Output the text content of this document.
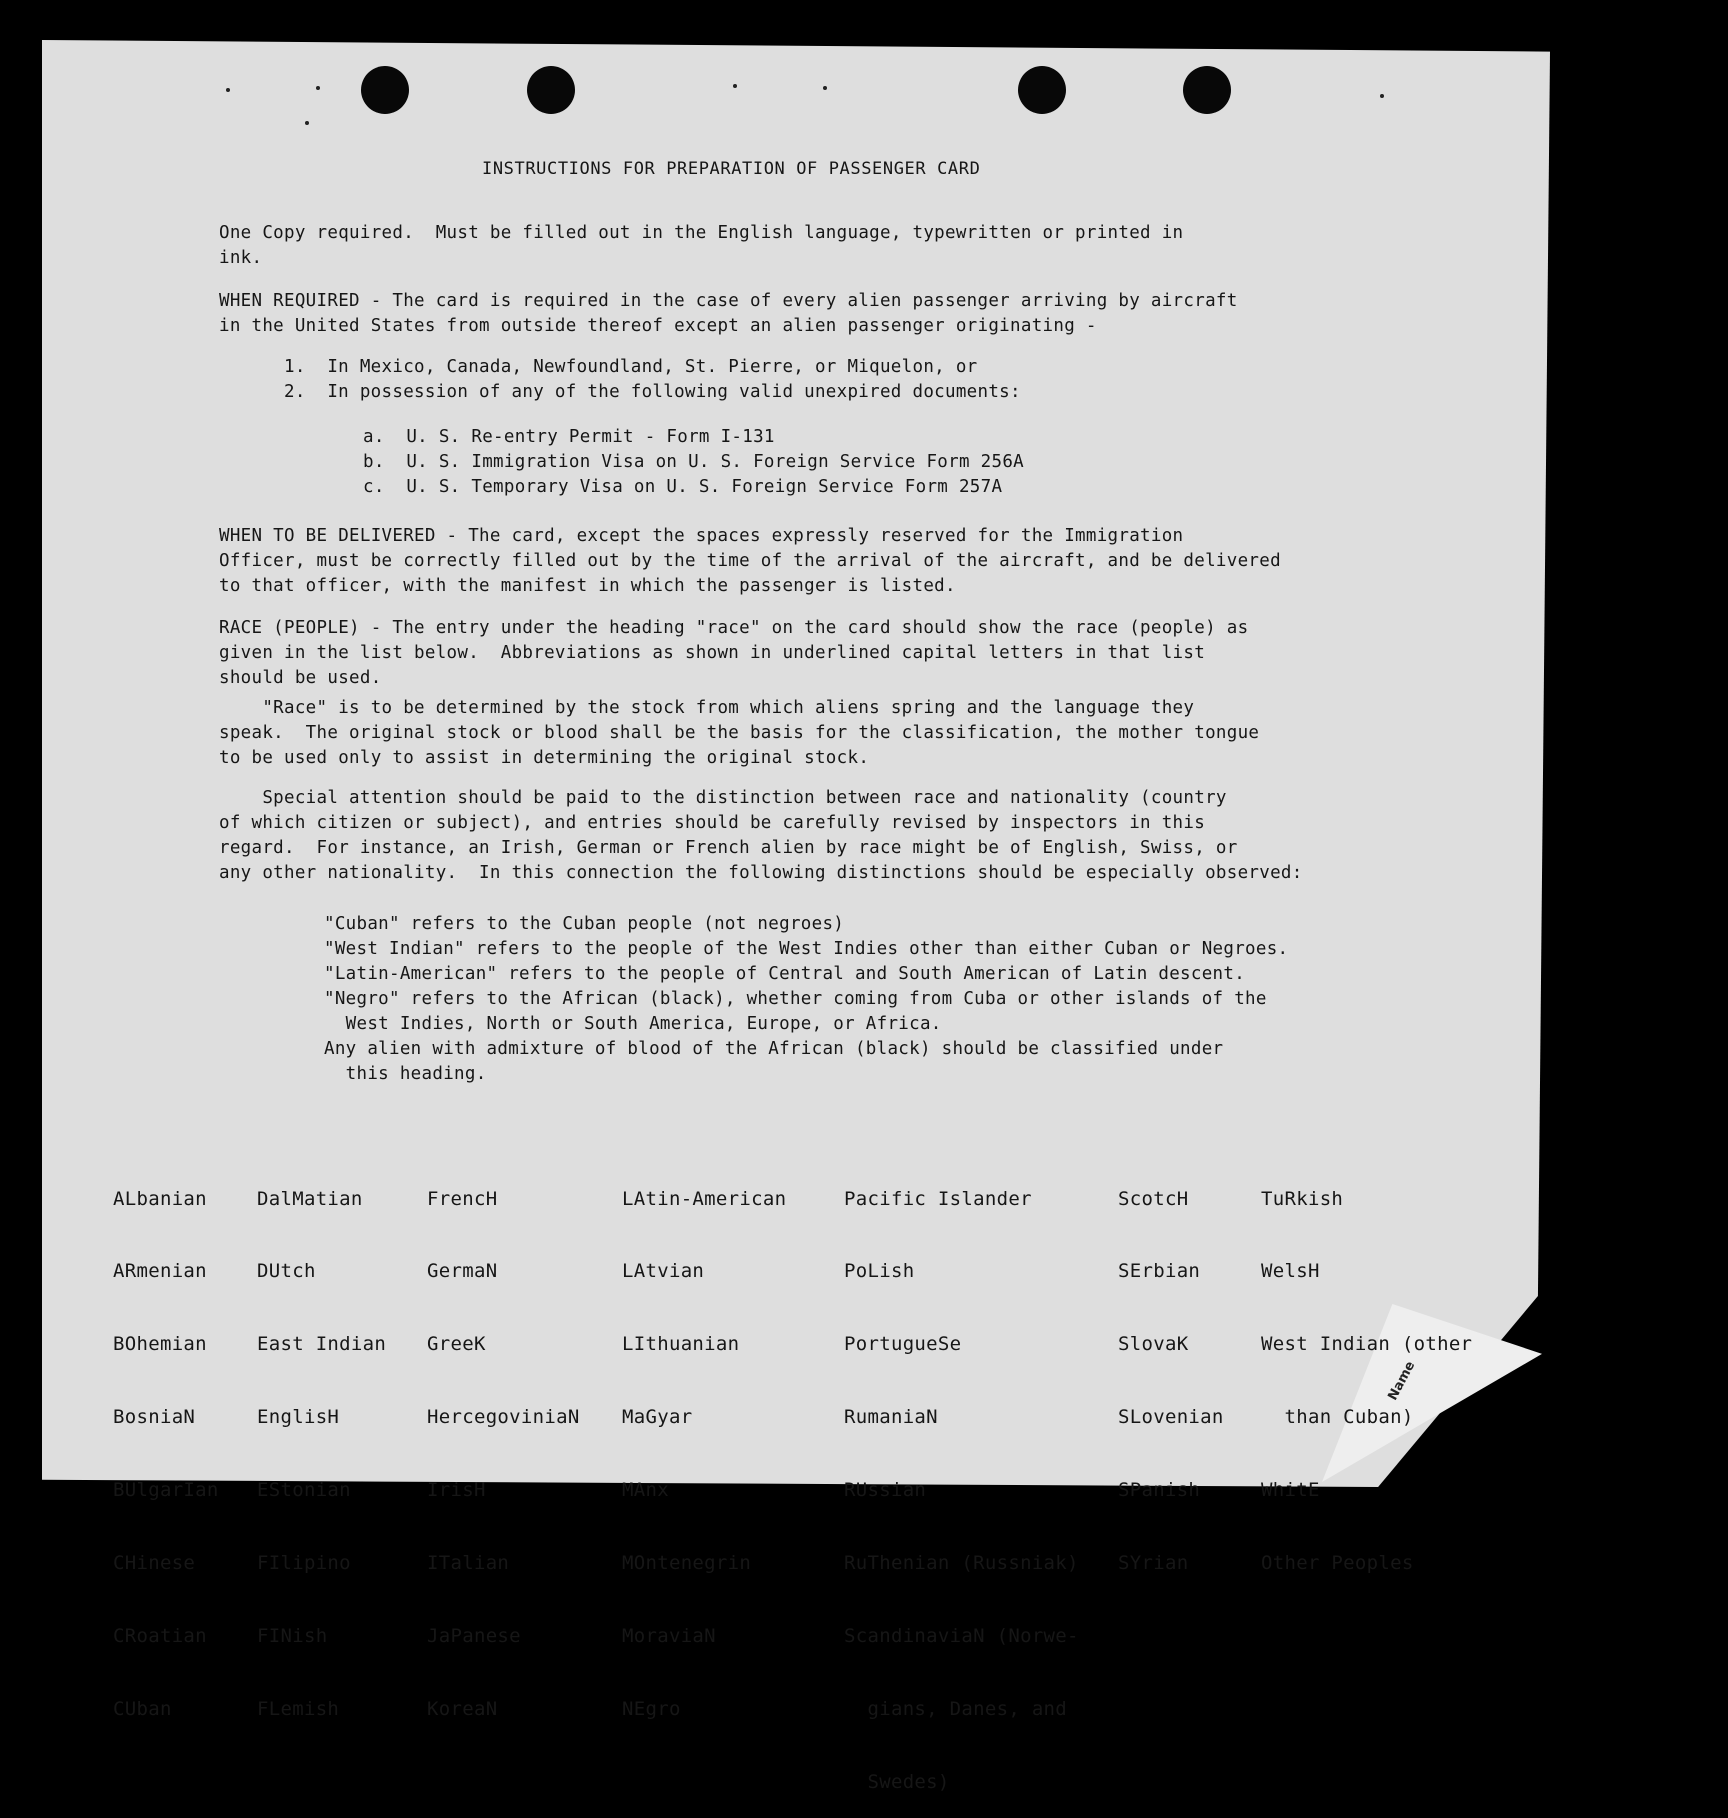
Name
INSTRUCTIONS FOR PREPARATION OF PASSENGER CARD
One Copy required.  Must be filled out in the English language, typewritten or printed in
ink.
WHEN REQUIRED - The card is required in the case of every alien passenger arriving by aircraft
in the United States from outside thereof except an alien passenger originating -
1.  In Mexico, Canada, Newfoundland, St. Pierre, or Miquelon, or
2.  In possession of any of the following valid unexpired documents:
a.  U. S. Re-entry Permit - Form I-131
b.  U. S. Immigration Visa on U. S. Foreign Service Form 256A
c.  U. S. Temporary Visa on U. S. Foreign Service Form 257A
WHEN TO BE DELIVERED - The card, except the spaces expressly reserved for the Immigration
Officer, must be correctly filled out by the time of the arrival of the aircraft, and be delivered
to that officer, with the manifest in which the passenger is listed.
RACE (PEOPLE) - The entry under the heading "race" on the card should show the race (people) as
given in the list below.  Abbreviations as shown in underlined capital letters in that list
should be used.
"Race" is to be determined by the stock from which aliens spring and the language they
speak.  The original stock or blood shall be the basis for the classification, the mother tongue
to be used only to assist in determining the original stock.
Special attention should be paid to the distinction between race and nationality (country
of which citizen or subject), and entries should be carefully revised by inspectors in this
regard.  For instance, an Irish, German or French alien by race might be of English, Swiss, or
any other nationality.  In this connection the following distinctions should be especially observed:
"Cuban" refers to the Cuban people (not negroes)
"West Indian" refers to the people of the West Indies other than either Cuban or Negroes.
"Latin-American" refers to the people of Central and South American of Latin descent.
"Negro" refers to the African (black), whether coming from Cuba or other islands of the
West Indies, North or South America, Europe, or Africa.
Any alien with admixture of blood of the African (black) should be classified under
this heading.

ALbanian

ARmenian

BOhemian

BosniaN

BUlgarIan

CHinese

CRoatian

CUban

DalMatian

DUtch

East Indian

EnglisH

EStonian

FIlipino

FINish

FLemish

FrencH

GermaN

GreeK

HercegoviniaN

IrisH

ITalian

JaPanese

KoreaN

LAtin-American

LAtvian

LIthuanian

MaGyar

MAnx

MOntenegrin

MoraviaN

NEgro

Pacific Islander

PoLish

PortugueSe

RumaniaN

RUssian

RuThenian (Russniak)

ScandinaviaN (Norwe-

gians, Danes, and

Swedes)

ScotcH

SErbian

SlovaK

SLovenian

SPanish

SYrian

TuRkish

WelsH

West Indian (other

than Cuban)

WhitE

Other Peoples
